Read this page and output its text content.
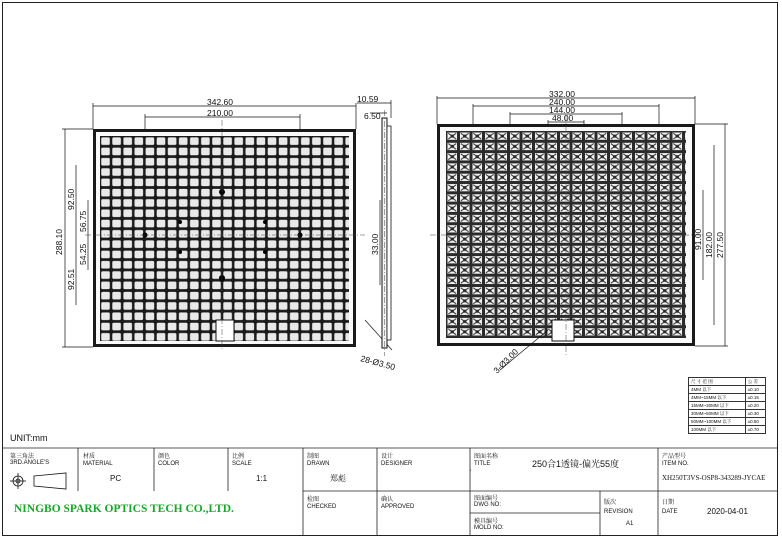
342.60
210.00
288.10
92.50
56.75
54.25
92.51
28-Ø3.50
10.59
6.50
33.00
332.00
240.00
144.00
48.00
277.50
182.00
91.00
3-Ø3.00
UNIT:mm
尺 寸 范 围	公 差
4MM 以下	±0.10
4MM~15MM 以下	±0.15
15MM~30MM 以下	±0.20
30MM~50MM 以下	±0.30
50MM~100MM 以下	±0.50
100MM 以下	±0.70
第三角法
3RD.ANGLE'S
材质
MATERIAL
PC
颜色
COLOR
比例
SCALE
1:1
制图
DRAWN
郑彪
设计
DESIGNER
图面名称
TITLE	250合1透镜-偏光55度
产品型号
ITEM NO.
XH250T3VS-OSP8-343289-JYCAE
NINGBO SPARK OPTICS TECH CO.,LTD.
检图
CHECKED
确认
APPROVED
图面编号
DWG NO:
模具编号
MOLD NO:
版次
REVISION
A1
日期
DATE	2020-04-01
